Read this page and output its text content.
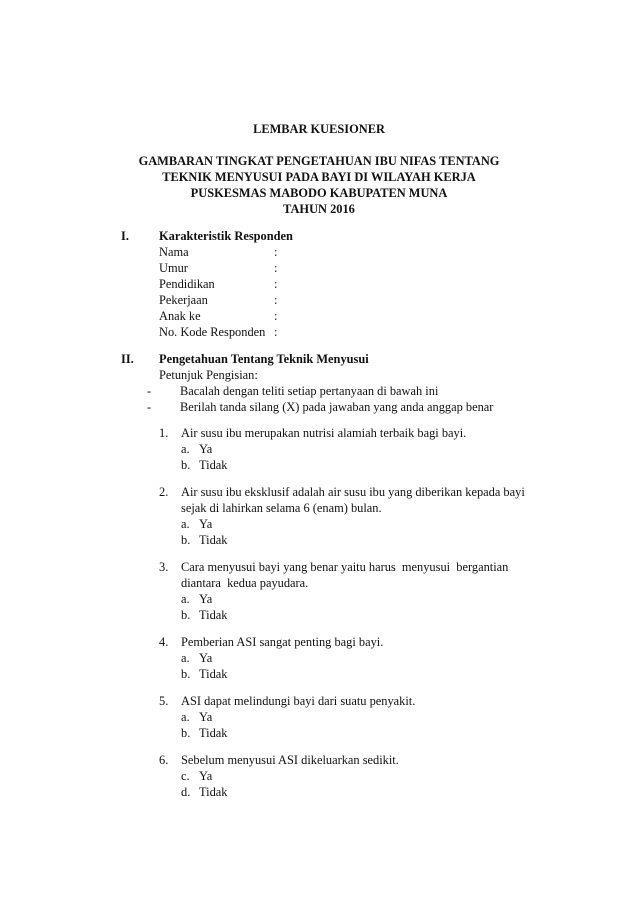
LEMBAR KUESIONER
GAMBARAN TINGKAT PENGETAHUAN IBU NIFAS TENTANG
TEKNIK MENYUSUI PADA BAYI DI WILAYAH KERJA
PUSKESMAS MABODO KABUPATEN MUNA
TAHUN 2016
I. Karakteristik Responden
Nama	:
Umur	:
Pendidikan	:
Pekerjaan	:
Anak ke	:
No. Kode Responden :
II. Pengetahuan Tentang Teknik Menyusui
Petunjuk Pengisian:
- Bacalah dengan teliti setiap pertanyaan di bawah ini
- Berilah tanda silang (X) pada jawaban yang anda anggap benar
1. Air susu ibu merupakan nutrisi alamiah terbaik bagi bayi.
a. Ya
b. Tidak
2. Air susu ibu eksklusif adalah air susu ibu yang diberikan kepada bayi
sejak di lahirkan selama 6 (enam) bulan.
a. Ya
b. Tidak
3. Cara menyusui bayi yang benar yaitu harus  menyusui  bergantian
diantara  kedua payudara.
a. Ya
b. Tidak
4. Pemberian ASI sangat penting bagi bayi.
a. Ya
b. Tidak
5. ASI dapat melindungi bayi dari suatu penyakit.
a. Ya
b. Tidak
6. Sebelum menyusui ASI dikeluarkan sedikit.
c. Ya
d. Tidak
